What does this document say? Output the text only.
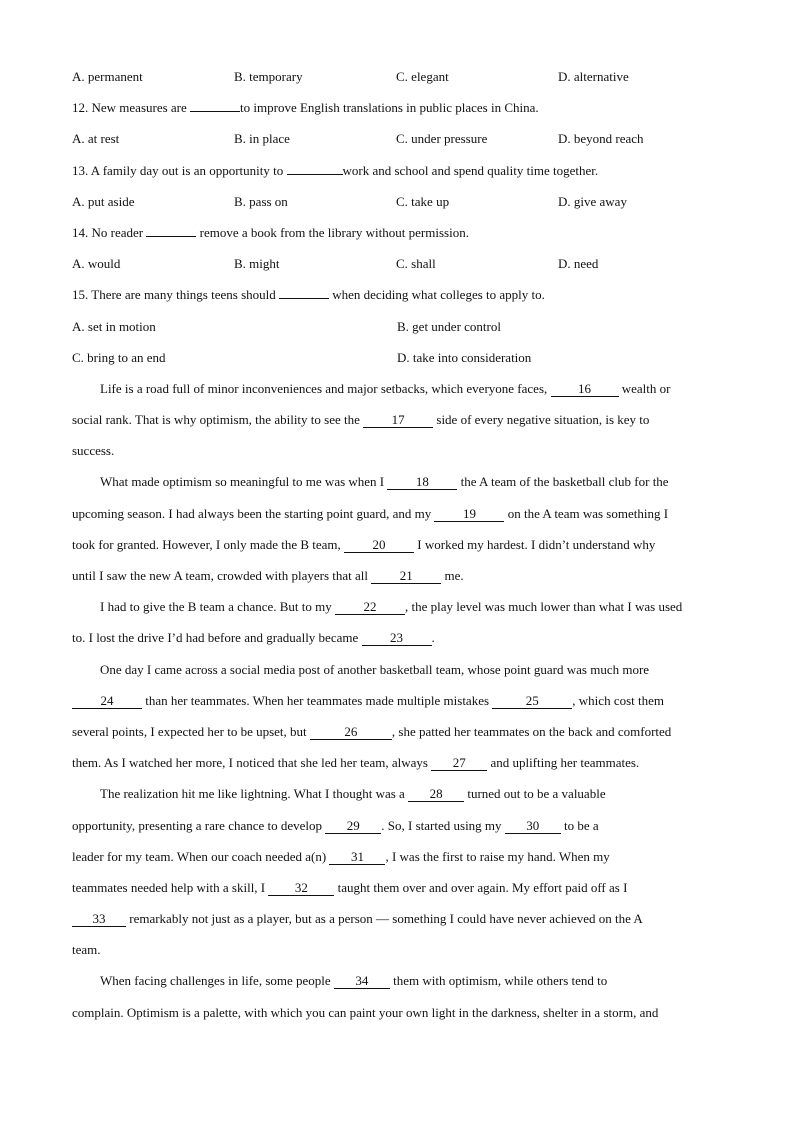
A. permanent	B. temporary	C. elegant	D. alternative
12. New measures are	to improve English translations in public places in China.
A. at rest	B. in place	C. under pressure	D. beyond reach
13. A family day out is an opportunity to	work and school and spend quality time together.
A. put aside	B. pass on	C. take up	D. give away
14. No reader	remove a book from the library without permission.
A. would	B. might	C. shall	D. need
15. There are many things teens should	when deciding what colleges to apply to.
A. set in motion	B. get under control
C. bring to an end	D. take into consideration
Life is a road full of minor inconveniences and major setbacks, which everyone faces, 16 wealth or
social rank. That is why optimism, the ability to see the 17 side of every negative situation, is key to
success.
What made optimism so meaningful to me was when I 18 the A team of the basketball club for the
upcoming season. I had always been the starting point guard, and my 19 on the A team was something I
took for granted. However, I only made the B team, 20 I worked my hardest. I didn’t understand why
until I saw the new A team, crowded with players that all 21 me.
I had to give the B team a chance. But to my 22 , the play level was much lower than what I was used
to. I lost the drive I’d had before and gradually became 23 .
One day I came across a social media post of another basketball team, whose point guard was much more
24 than her teammates. When her teammates made multiple mistakes	25	, which cost them
several points, I expected her to be upset, but	26	, she patted her teammates on the back and comforted
them. As I watched her more, I noticed that she led her team, always 27 and uplifting her teammates.
The realization hit me like lightning. What I thought was a 28 turned out to be a valuable
opportunity, presenting a rare chance to develop 29 . So, I started using my 30 to be a
leader for my team. When our coach needed a(n) 31 , I was the first to raise my hand. When my
teammates needed help with a skill, I 32 taught them over and over again. My effort paid off as I
33 remarkably not just as a player, but as a person — something I could have never achieved on the A
team.
When facing challenges in life, some people 34 them with optimism, while others tend to
complain. Optimism is a palette, with which you can paint your own light in the darkness, shelter in a storm, and
